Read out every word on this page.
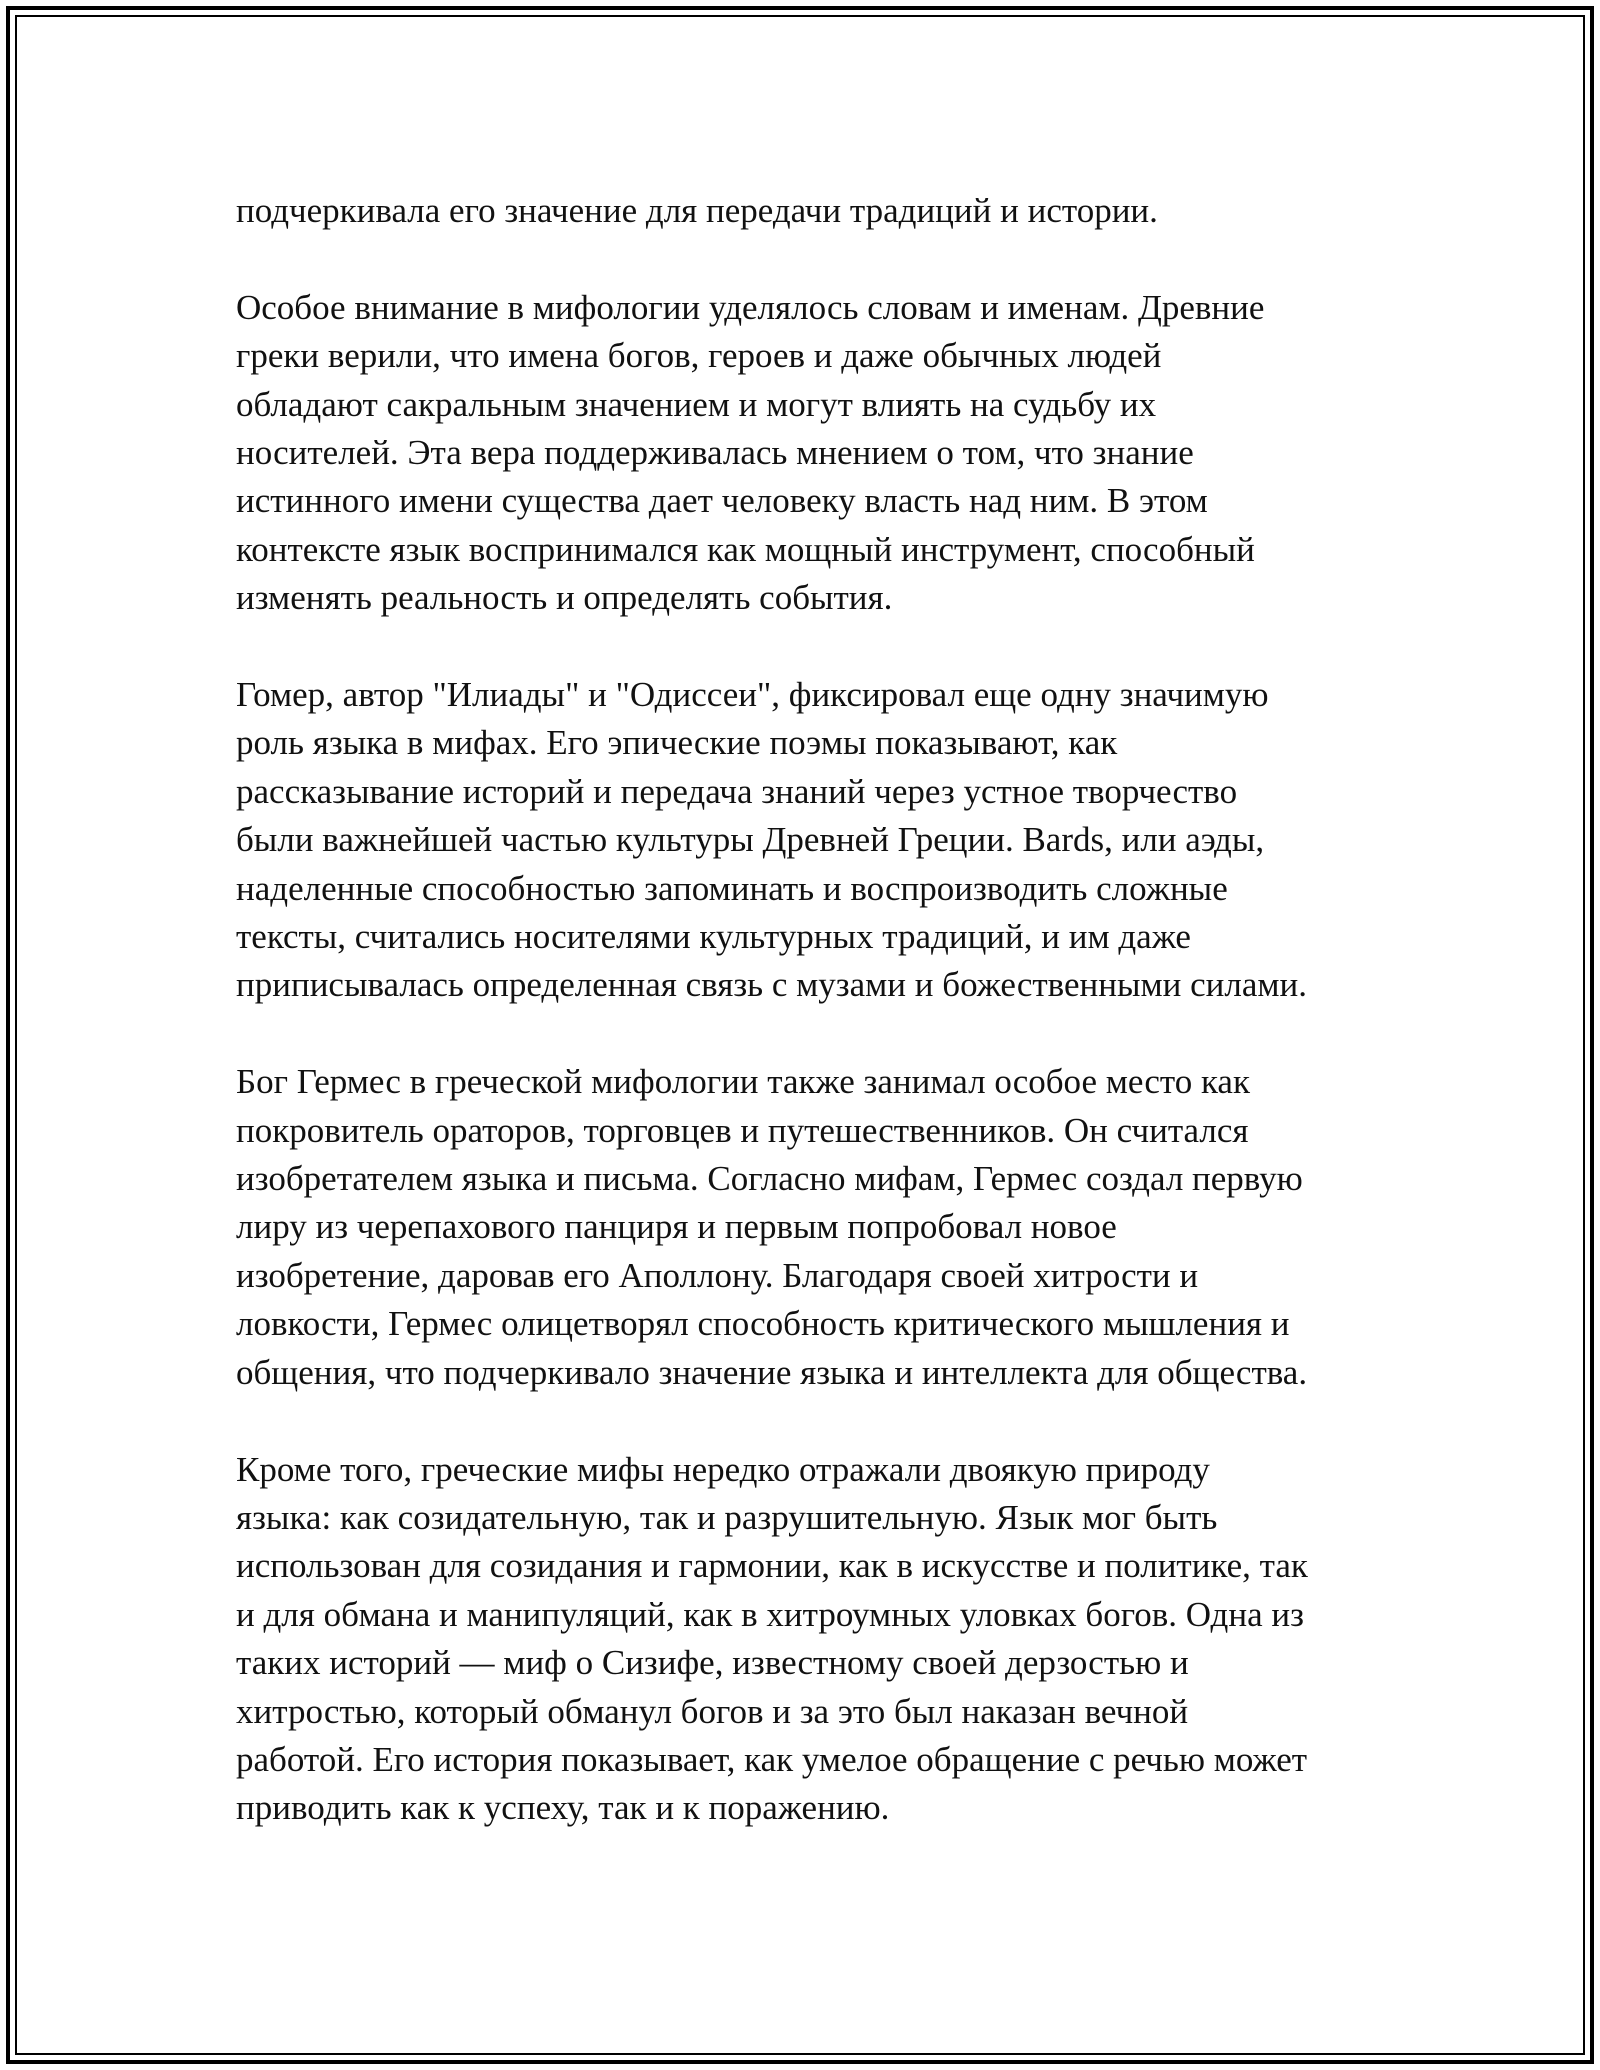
подчеркивала его значение для передачи традиций и истории.

Особое внимание в мифологии уделялось словам и именам. Древние
греки верили, что имена богов, героев и даже обычных людей
обладают сакральным значением и могут влиять на судьбу их
носителей. Эта вера поддерживалась мнением о том, что знание
истинного имени существа дает человеку власть над ним. В этом
контексте язык воспринимался как мощный инструмент, способный
изменять реальность и определять события.

Гомер, автор "Илиады" и "Одиссеи", фиксировал еще одну значимую
роль языка в мифах. Его эпические поэмы показывают, как
рассказывание историй и передача знаний через устное творчество
были важнейшей частью культуры Древней Греции. Bards, или аэды,
наделенные способностью запоминать и воспроизводить сложные
тексты, считались носителями культурных традиций, и им даже
приписывалась определенная связь с музами и божественными силами.

Бог Гермес в греческой мифологии также занимал особое место как
покровитель ораторов, торговцев и путешественников. Он считался
изобретателем языка и письма. Согласно мифам, Гермес создал первую
лиру из черепахового панциря и первым попробовал новое
изобретение, даровав его Аполлону. Благодаря своей хитрости и
ловкости, Гермес олицетворял способность критического мышления и
общения, что подчеркивало значение языка и интеллекта для общества.

Кроме того, греческие мифы нередко отражали двоякую природу
языка: как созидательную, так и разрушительную. Язык мог быть
использован для созидания и гармонии, как в искусстве и политике, так
и для обмана и манипуляций, как в хитроумных уловках богов. Одна из
таких историй — миф о Сизифе, известному своей дерзостью и
хитростью, который обманул богов и за это был наказан вечной
работой. Его история показывает, как умелое обращение с речью может
приводить как к успеху, так и к поражению.
